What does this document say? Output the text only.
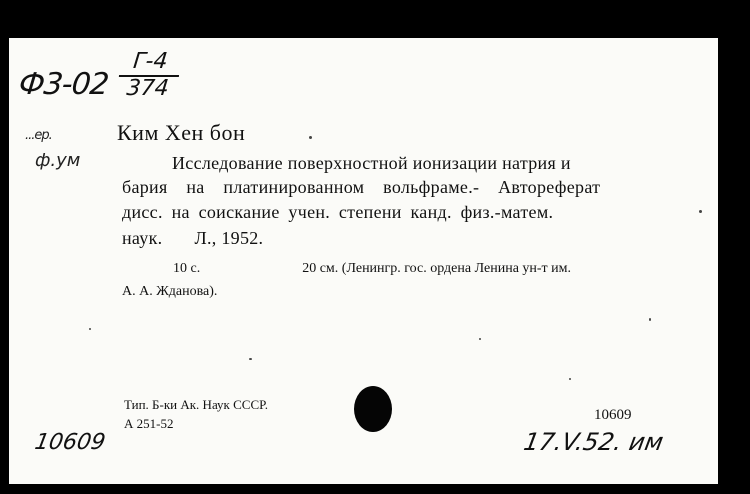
Ф3-02
Г-4
374
...ер.
ф.ум
Ким Хен бон
Исследование поверхностной ионизации натрия и
бария на платинированном вольфраме.- Автореферат
дисс. на соискание учен. степени канд. физ.-матем.
наук. Л., 1952.
10 с.	20 см. (Ленингр. гос. ордена Ленина ун-т им.
А. А. Жданова).
Тип. Б-ки Ак. Наук СССР.
А 251-52
10609
10609	17.V.52. им
